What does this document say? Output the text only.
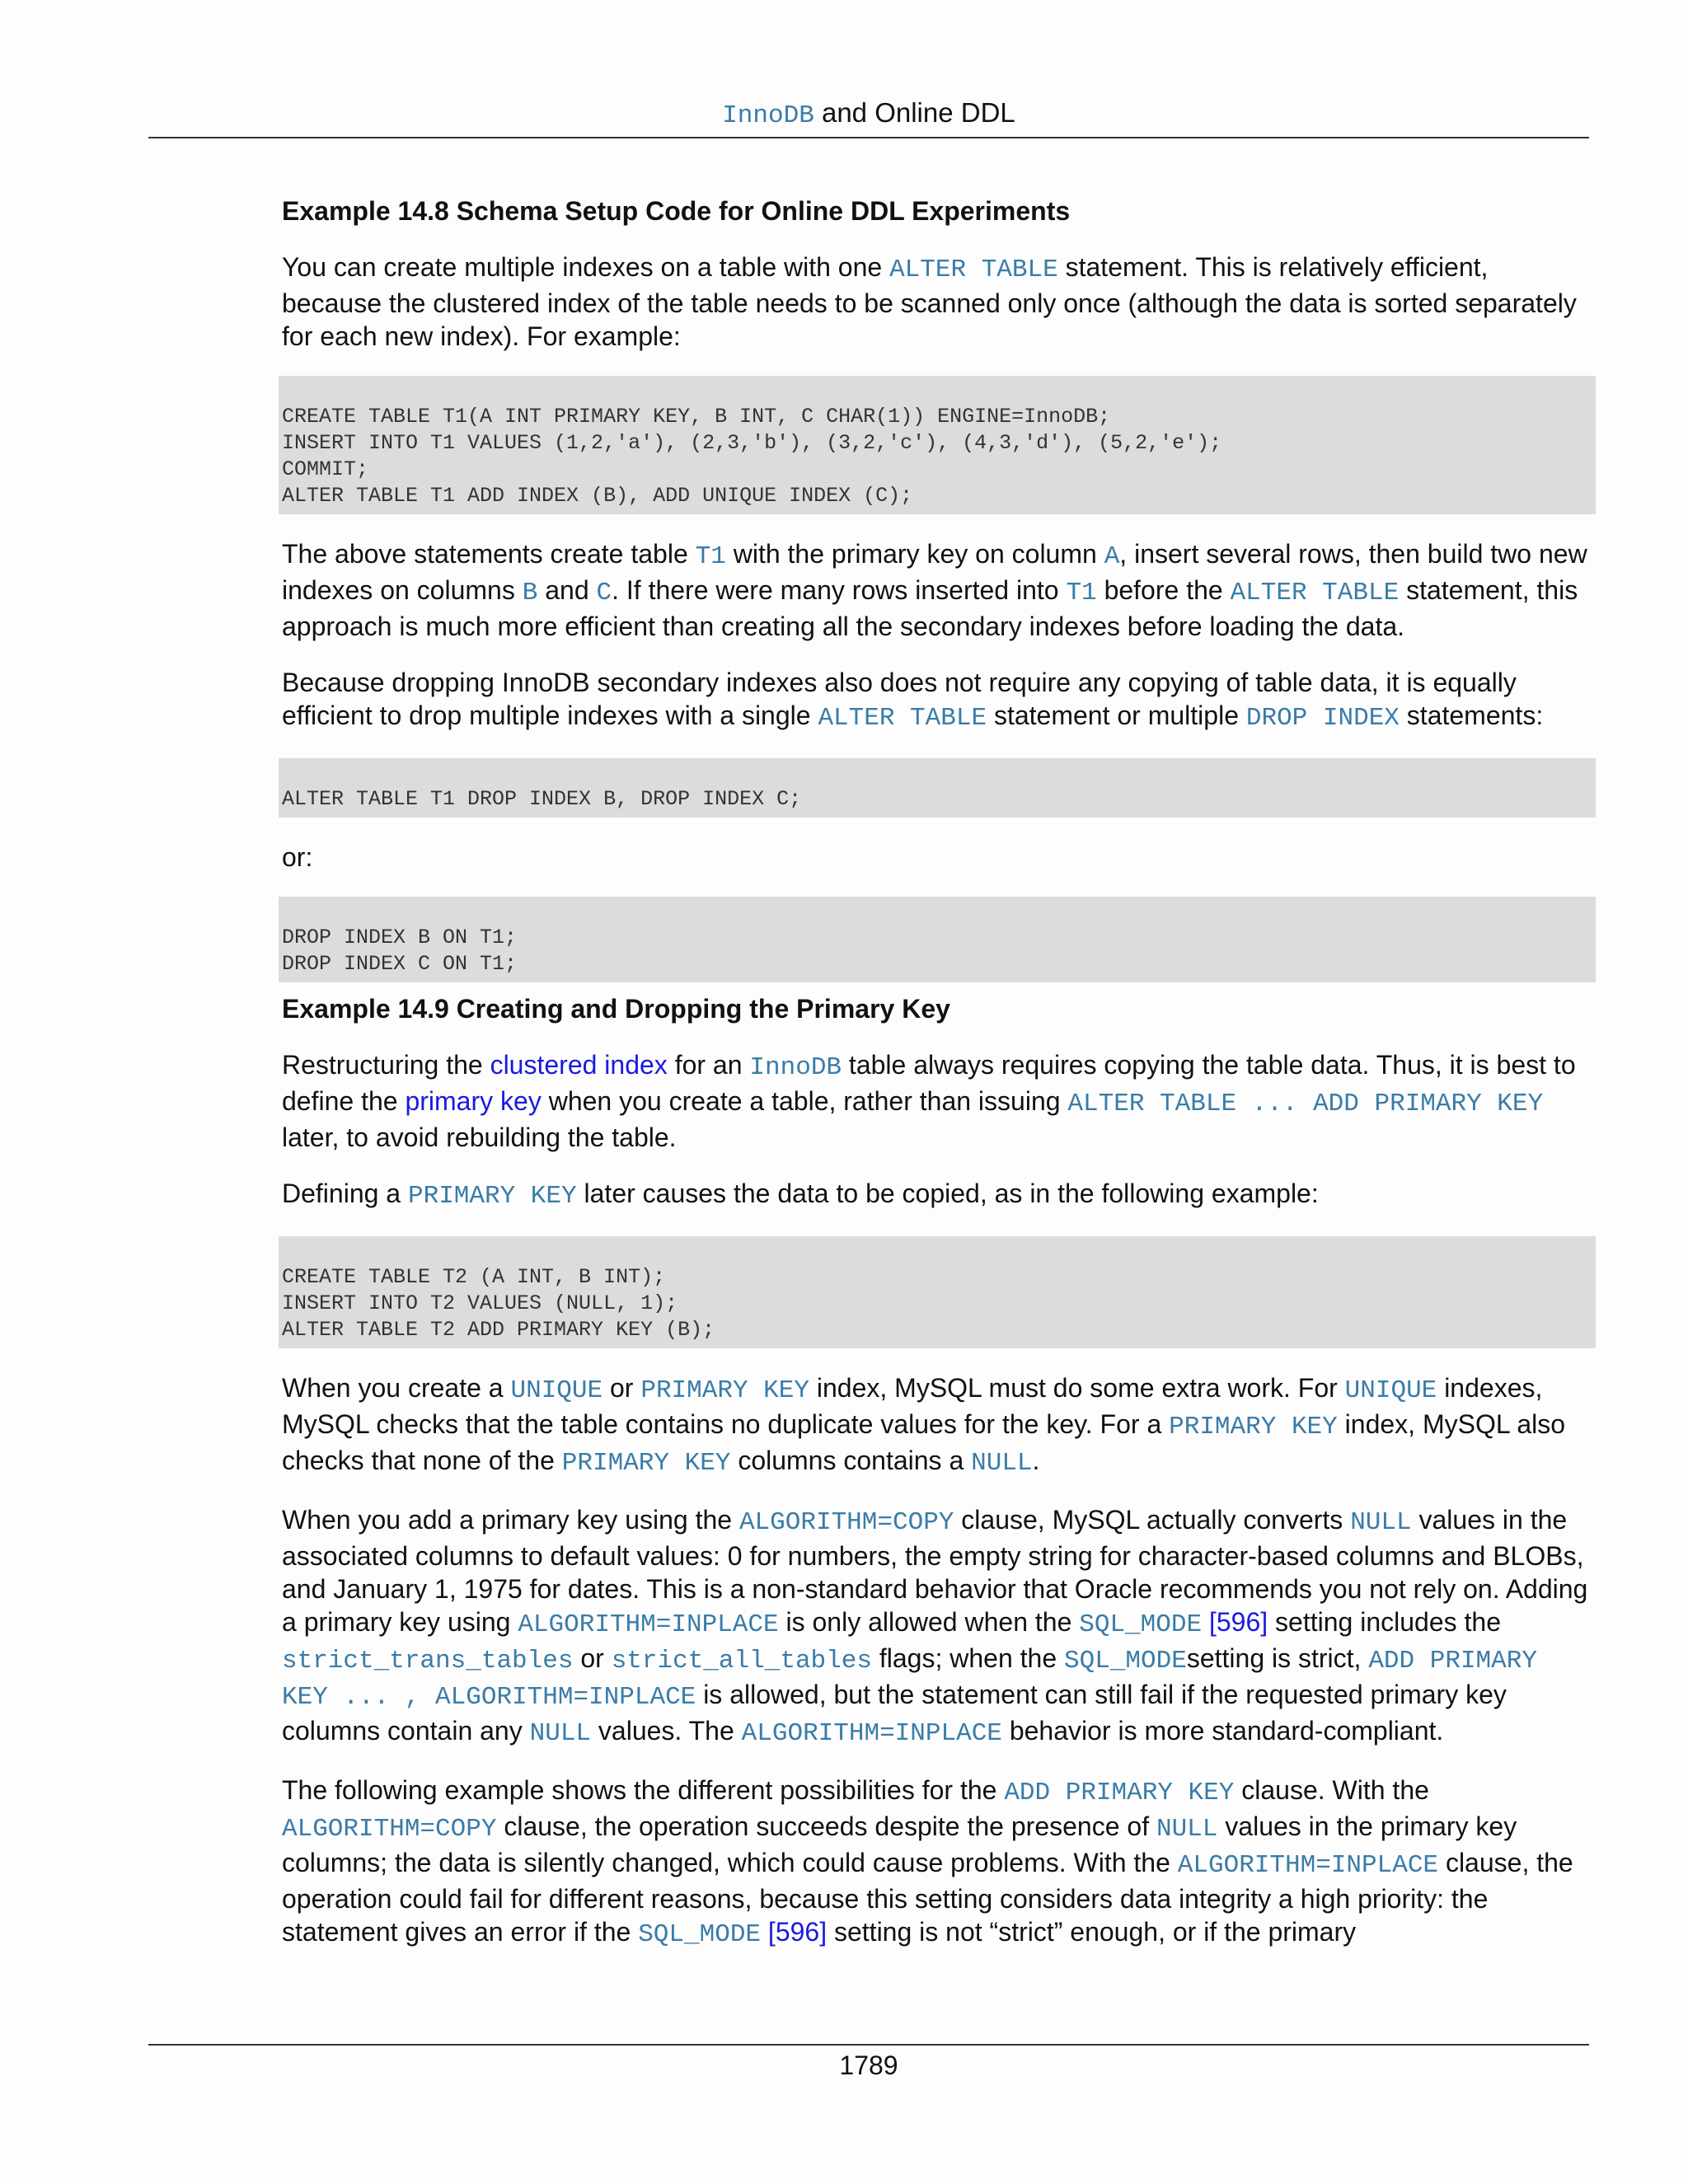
InnoDB and Online DDL
Example 14.8 Schema Setup Code for Online DDL Experiments

You can create multiple indexes on a table with one ALTER TABLE statement. This is relatively efficient, because the clustered index of the table needs to be scanned only once (although the data is sorted separately for each new index). For example:

CREATE TABLE T1(A INT PRIMARY KEY, B INT, C CHAR(1)) ENGINE=InnoDB;
INSERT INTO T1 VALUES (1,2,'a'), (2,3,'b'), (3,2,'c'), (4,3,'d'), (5,2,'e');
COMMIT;
ALTER TABLE T1 ADD INDEX (B), ADD UNIQUE INDEX (C);

The above statements create table T1 with the primary key on column A, insert several rows, then build two new indexes on columns B and C. If there were many rows inserted into T1 before the ALTER TABLE statement, this approach is much more efficient than creating all the secondary indexes before loading the data.

Because dropping InnoDB secondary indexes also does not require any copying of table data, it is equally efficient to drop multiple indexes with a single ALTER TABLE statement or multiple DROP INDEX statements:

ALTER TABLE T1 DROP INDEX B, DROP INDEX C;

or:

DROP INDEX B ON T1;
DROP INDEX C ON T1;
Example 14.9 Creating and Dropping the Primary Key

Restructuring the clustered index for an InnoDB table always requires copying the table data. Thus, it is best to define the primary key when you create a table, rather than issuing ALTER TABLE ... ADD PRIMARY KEY later, to avoid rebuilding the table.

Defining a PRIMARY KEY later causes the data to be copied, as in the following example:

CREATE TABLE T2 (A INT, B INT);
INSERT INTO T2 VALUES (NULL, 1);
ALTER TABLE T2 ADD PRIMARY KEY (B);

When you create a UNIQUE or PRIMARY KEY index, MySQL must do some extra work. For UNIQUE indexes, MySQL checks that the table contains no duplicate values for the key. For a PRIMARY KEY index, MySQL also checks that none of the PRIMARY KEY columns contains a NULL.

When you add a primary key using the ALGORITHM=COPY clause, MySQL actually converts NULL values in the associated columns to default values: 0 for numbers, the empty string for character-based columns and BLOBs, and January 1, 1975 for dates. This is a non-standard behavior that Oracle recommends you not rely on. Adding a primary key using ALGORITHM=INPLACE is only allowed when the SQL_MODE [596] setting includes the strict_trans_tables or strict_all_tables flags; when the SQL_MODEsetting is strict, ADD PRIMARY KEY ... , ALGORITHM=INPLACE is allowed, but the statement can still fail if the requested primary key columns contain any NULL values. The ALGORITHM=INPLACE behavior is more standard-compliant.

The following example shows the different possibilities for the ADD PRIMARY KEY clause. With the ALGORITHM=COPY clause, the operation succeeds despite the presence of NULL values in the primary key columns; the data is silently changed, which could cause problems. With the ALGORITHM=INPLACE clause, the operation could fail for different reasons, because this setting considers data integrity a high priority: the statement gives an error if the SQL_MODE [596] setting is not “strict” enough, or if the primary

1789
